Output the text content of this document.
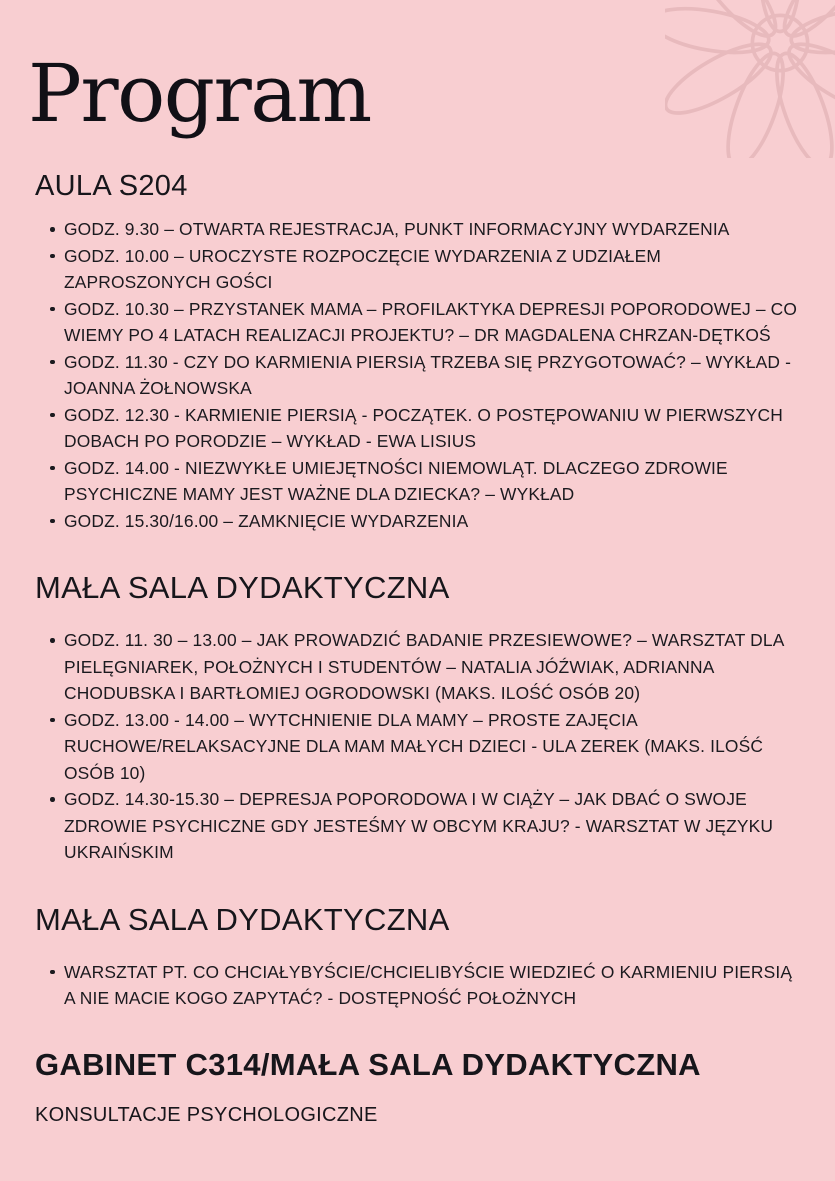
Program
AULA S204
GODZ. 9.30 – OTWARTA REJESTRACJA, PUNKT INFORMACYJNY WYDARZENIA
GODZ. 10.00 – UROCZYSTE ROZPOCZĘCIE WYDARZENIA Z UDZIAŁEM ZAPROSZONYCH GOŚCI
GODZ. 10.30 – PRZYSTANEK MAMA – PROFILAKTYKA DEPRESJI POPORODOWEJ – CO WIEMY PO 4 LATACH REALIZACJI PROJEKTU? – DR MAGDALENA CHRZAN-DĘTKOŚ
GODZ. 11.30 - CZY DO KARMIENIA PIERSIĄ TRZEBA SIĘ PRZYGOTOWAĆ? – WYKŁAD - JOANNA ŻOŁNOWSKA
GODZ. 12.30 - KARMIENIE PIERSIĄ - POCZĄTEK. O POSTĘPOWANIU W PIERWSZYCH DOBACH PO PORODZIE – WYKŁAD - EWA LISIUS
GODZ. 14.00 - NIEZWYKŁE UMIEJĘTNOŚCI NIEMOWLĄT. DLACZEGO ZDROWIE PSYCHICZNE MAMY JEST WAŻNE DLA DZIECKA? – WYKŁAD
GODZ. 15.30/16.00 – ZAMKNIĘCIE WYDARZENIA
MAŁA SALA DYDAKTYCZNA
GODZ. 11. 30 – 13.00 – JAK PROWADZIĆ BADANIE PRZESIEWOWE? – WARSZTAT DLA PIELĘGNIAREK, POŁOŻNYCH I STUDENTÓW – NATALIA JÓŹWIAK, ADRIANNA CHODUBSKA I BARTŁOMIEJ OGRODOWSKI (MAKS. ILOŚĆ OSÓB 20)
GODZ. 13.00 - 14.00 – WYTCHNIENIE DLA MAMY – PROSTE ZAJĘCIA RUCHOWE/RELAKSACYJNE DLA MAM MAŁYCH DZIECI - ULA ZEREK (MAKS. ILOŚĆ OSÓB 10)
GODZ. 14.30-15.30 – DEPRESJA POPORODOWA I W CIĄŻY – JAK DBAĆ O SWOJE ZDROWIE PSYCHICZNE GDY JESTEŚMY W OBCYM KRAJU? - WARSZTAT W JĘZYKU UKRAIŃSKIM
MAŁA SALA DYDAKTYCZNA
WARSZTAT PT. CO CHCIAŁYBYŚCIE/CHCIELIBYŚCIE WIEDZIEĆ O KARMIENIU PIERSIĄ A NIE MACIE KOGO ZAPYTAĆ? - DOSTĘPNOŚĆ POŁOŻNYCH
GABINET C314/MAŁA SALA DYDAKTYCZNA

KONSULTACJE PSYCHOLOGICZNE
